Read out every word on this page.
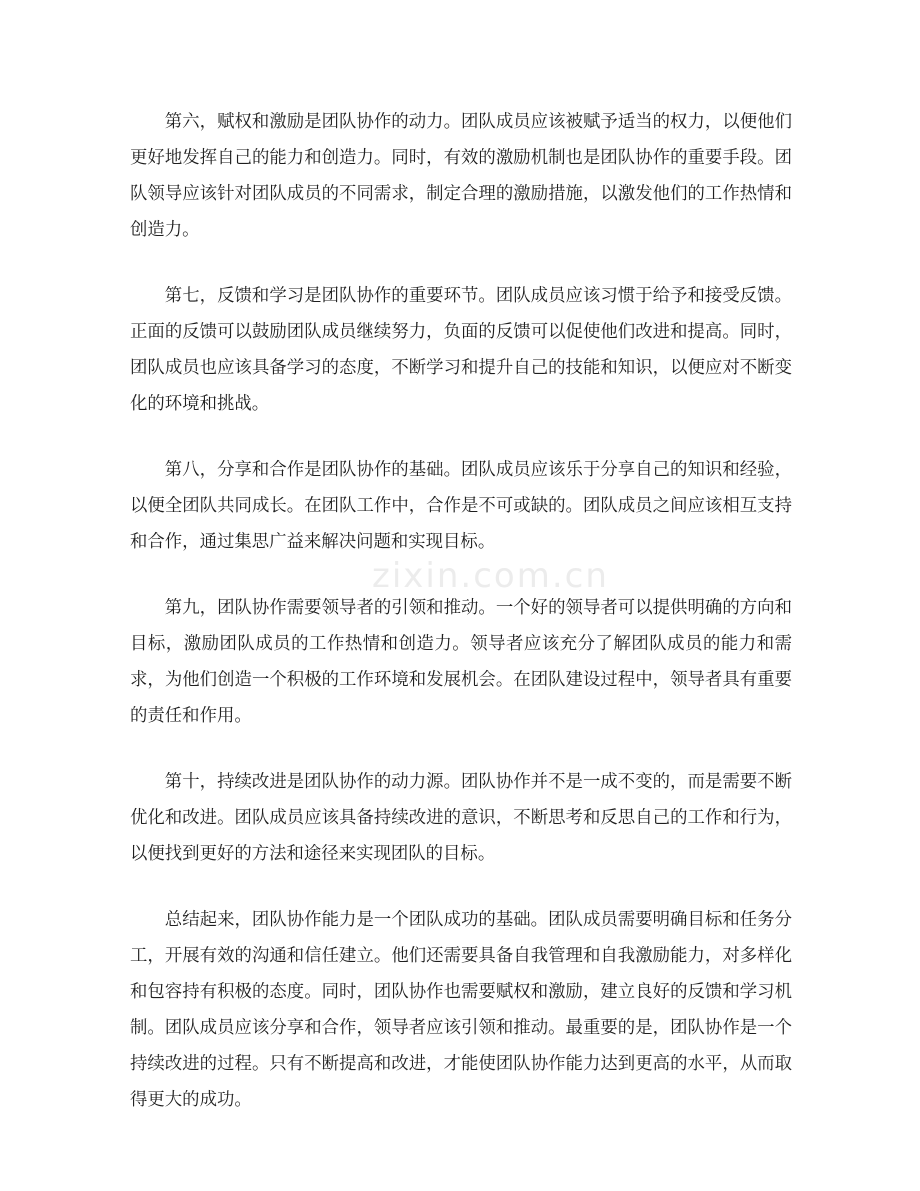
第六，赋权和激励是团队协作的动力。团队成员应该被赋予适当的权力，以便他们更好地发挥自己的能力和创造力。同时，有效的激励机制也是团队协作的重要手段。团队领导应该针对团队成员的不同需求，制定合理的激励措施，以激发他们的工作热情和创造力。

第七，反馈和学习是团队协作的重要环节。团队成员应该习惯于给予和接受反馈。正面的反馈可以鼓励团队成员继续努力，负面的反馈可以促使他们改进和提高。同时，团队成员也应该具备学习的态度，不断学习和提升自己的技能和知识，以便应对不断变化的环境和挑战。

第八，分享和合作是团队协作的基础。团队成员应该乐于分享自己的知识和经验，以便全团队共同成长。在团队工作中，合作是不可或缺的。团队成员之间应该相互支持和合作，通过集思广益来解决问题和实现目标。

第九，团队协作需要领导者的引领和推动。一个好的领导者可以提供明确的方向和目标，激励团队成员的工作热情和创造力。领导者应该充分了解团队成员的能力和需求，为他们创造一个积极的工作环境和发展机会。在团队建设过程中，领导者具有重要的责任和作用。

第十，持续改进是团队协作的动力源。团队协作并不是一成不变的，而是需要不断优化和改进。团队成员应该具备持续改进的意识，不断思考和反思自己的工作和行为，以便找到更好的方法和途径来实现团队的目标。

总结起来，团队协作能力是一个团队成功的基础。团队成员需要明确目标和任务分工，开展有效的沟通和信任建立。他们还需要具备自我管理和自我激励能力，对多样化和包容持有积极的态度。同时，团队协作也需要赋权和激励，建立良好的反馈和学习机制。团队成员应该分享和合作，领导者应该引领和推动。最重要的是，团队协作是一个持续改进的过程。只有不断提高和改进，才能使团队协作能力达到更高的水平，从而取得更大的成功。

zixin.com.cn
